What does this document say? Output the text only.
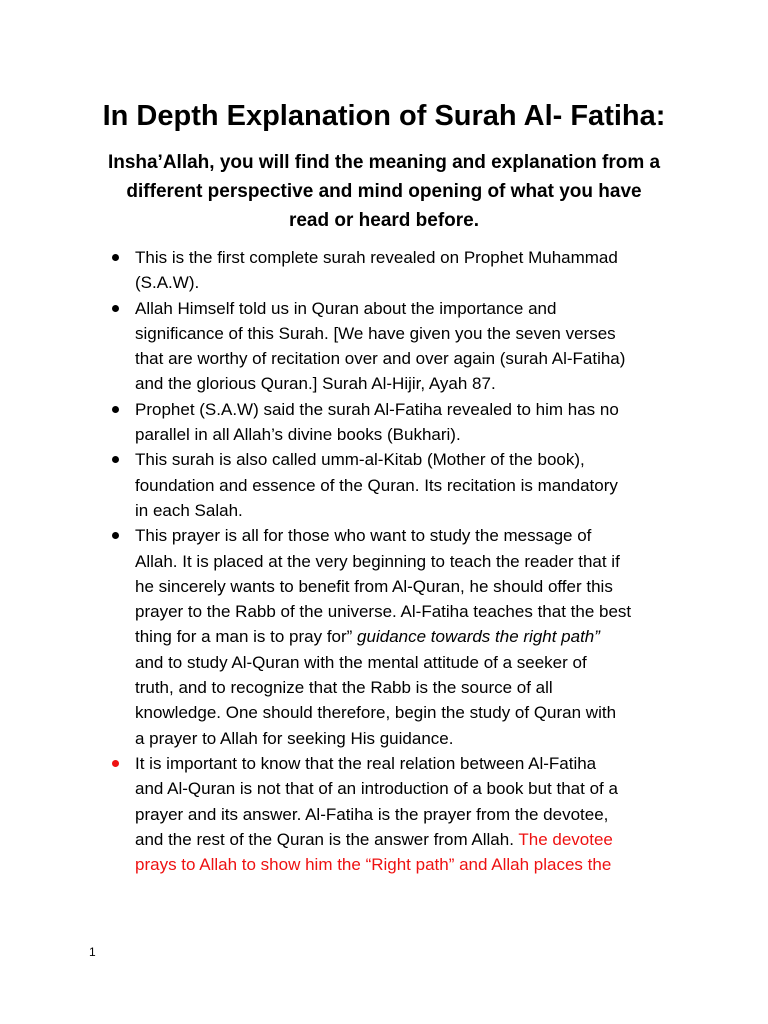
In Depth Explanation of Surah Al- Fatiha:
Insha’Allah, you will find the meaning and explanation from a
different perspective and mind opening of what you have
read or heard before.
This is the first complete surah revealed on Prophet Muhammad
(S.A.W).
Allah Himself told us in Quran about the importance and
significance of this Surah. [We have given you the seven verses
that are worthy of recitation over and over again (surah Al-Fatiha)
and the glorious Quran.] Surah Al-Hijir, Ayah 87.
Prophet (S.A.W) said the surah Al-Fatiha revealed to him has no
parallel in all Allah’s divine books (Bukhari).
This surah is also called umm-al-Kitab (Mother of the book),
foundation and essence of the Quran. Its recitation is mandatory
in each Salah.
This prayer is all for those who want to study the message of
Allah. It is placed at the very beginning to teach the reader that if
he sincerely wants to benefit from Al-Quran, he should offer this
prayer to the Rabb of the universe. Al-Fatiha teaches that the best
thing for a man is to pray for” guidance towards the right path”
and to study Al-Quran with the mental attitude of a seeker of
truth, and to recognize that the Rabb is the source of all
knowledge. One should therefore, begin the study of Quran with
a prayer to Allah for seeking His guidance.
It is important to know that the real relation between Al-Fatiha
and Al-Quran is not that of an introduction of a book but that of a
prayer and its answer. Al-Fatiha is the prayer from the devotee,
and the rest of the Quran is the answer from Allah. The devotee
prays to Allah to show him the “Right path” and Allah places the
1
